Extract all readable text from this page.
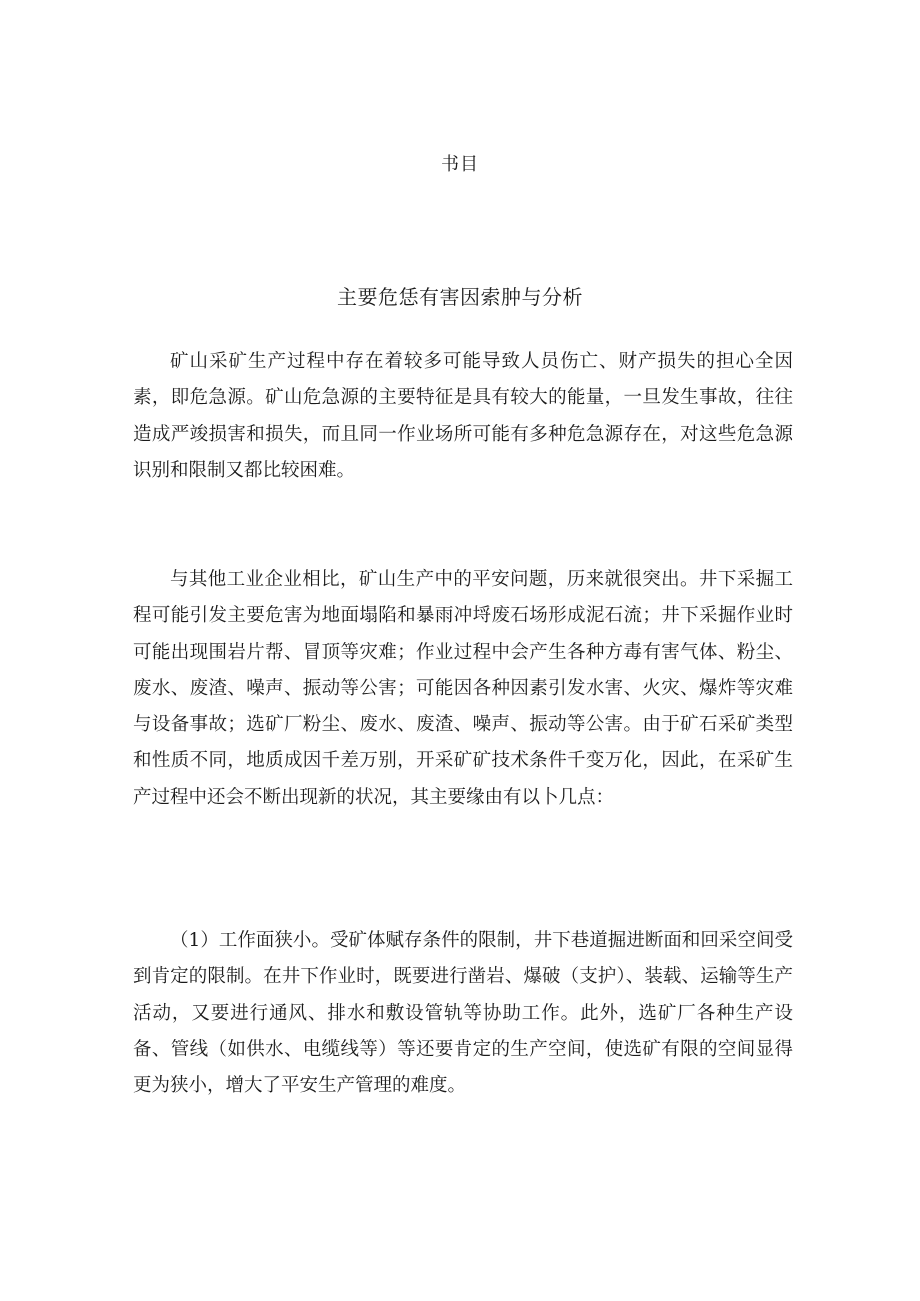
书目
主要危恁有害因索肿与分析

矿山采矿生产过程中存在着较多可能导致人员伤亡、财产损失的担心全因素，即危急源。矿山危急源的主要特征是具有较大的能量，一旦发生事故，往往造成严竣损害和损失，而且同一作业场所可能有多种危急源存在，对这些危急源识别和限制又都比较困难。

与其他工业企业相比，矿山生产中的平安问题，历来就很突出。井下采掘工程可能引发主要危害为地面塌陷和暴雨冲埒废石场形成泥石流；井下采掘作业时可能出现围岩片帮、冒顶等灾难；作业过程中会产生各种方毒有害气体、粉尘、废水、废渣、噪声、振动等公害；可能因各种因素引发水害、火灾、爆炸等灾难与设备事故；选矿厂粉尘、废水、废渣、噪声、振动等公害。由于矿石采矿类型和性质不同，地质成因千差万别，开采矿矿技术条件千变万化，因此，在采矿生产过程中还会不断出现新的状况，其主要缘由有以卜几点：

（1）工作面狭小。受矿体赋存条件的限制，井下巷道掘进断面和回采空间受到肯定的限制。在井下作业时，既要进行凿岩、爆破（支护）、装载、运输等生产活动，又要进行通风、排水和敷设管轨等协助工作。此外，选矿厂各种生产设备、管线（如供水、电缆线等）等还要肯定的生产空间，使选矿有限的空间显得更为狭小，增大了平安生产管理的难度。
